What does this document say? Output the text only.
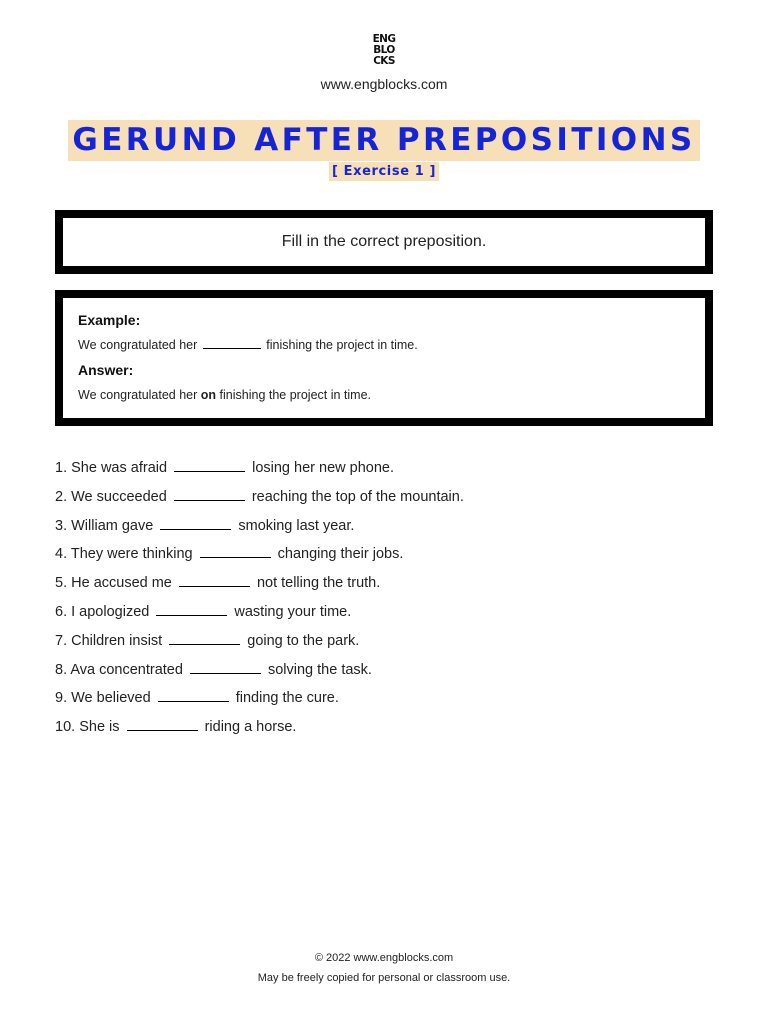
ENG
BLO
CKS
www.engblocks.com
GERUND AFTER PREPOSITIONS
[ Exercise 1 ]
Fill in the correct preposition.
Example:
We congratulated her	finishing the project in time.
Answer:
We congratulated her on finishing the project in time.
1. She was afraid	losing her new phone.
2. We succeeded	reaching the top of the mountain.
3. William gave	smoking last year.
4. They were thinking	changing their jobs.
5. He accused me	not telling the truth.
6. I apologized	wasting your time.
7. Children insist	going to the park.
8. Ava concentrated	solving the task.
9. We believed	finding the cure.
10. She is	riding a horse.
© 2022 www.engblocks.com
May be freely copied for personal or classroom use.
